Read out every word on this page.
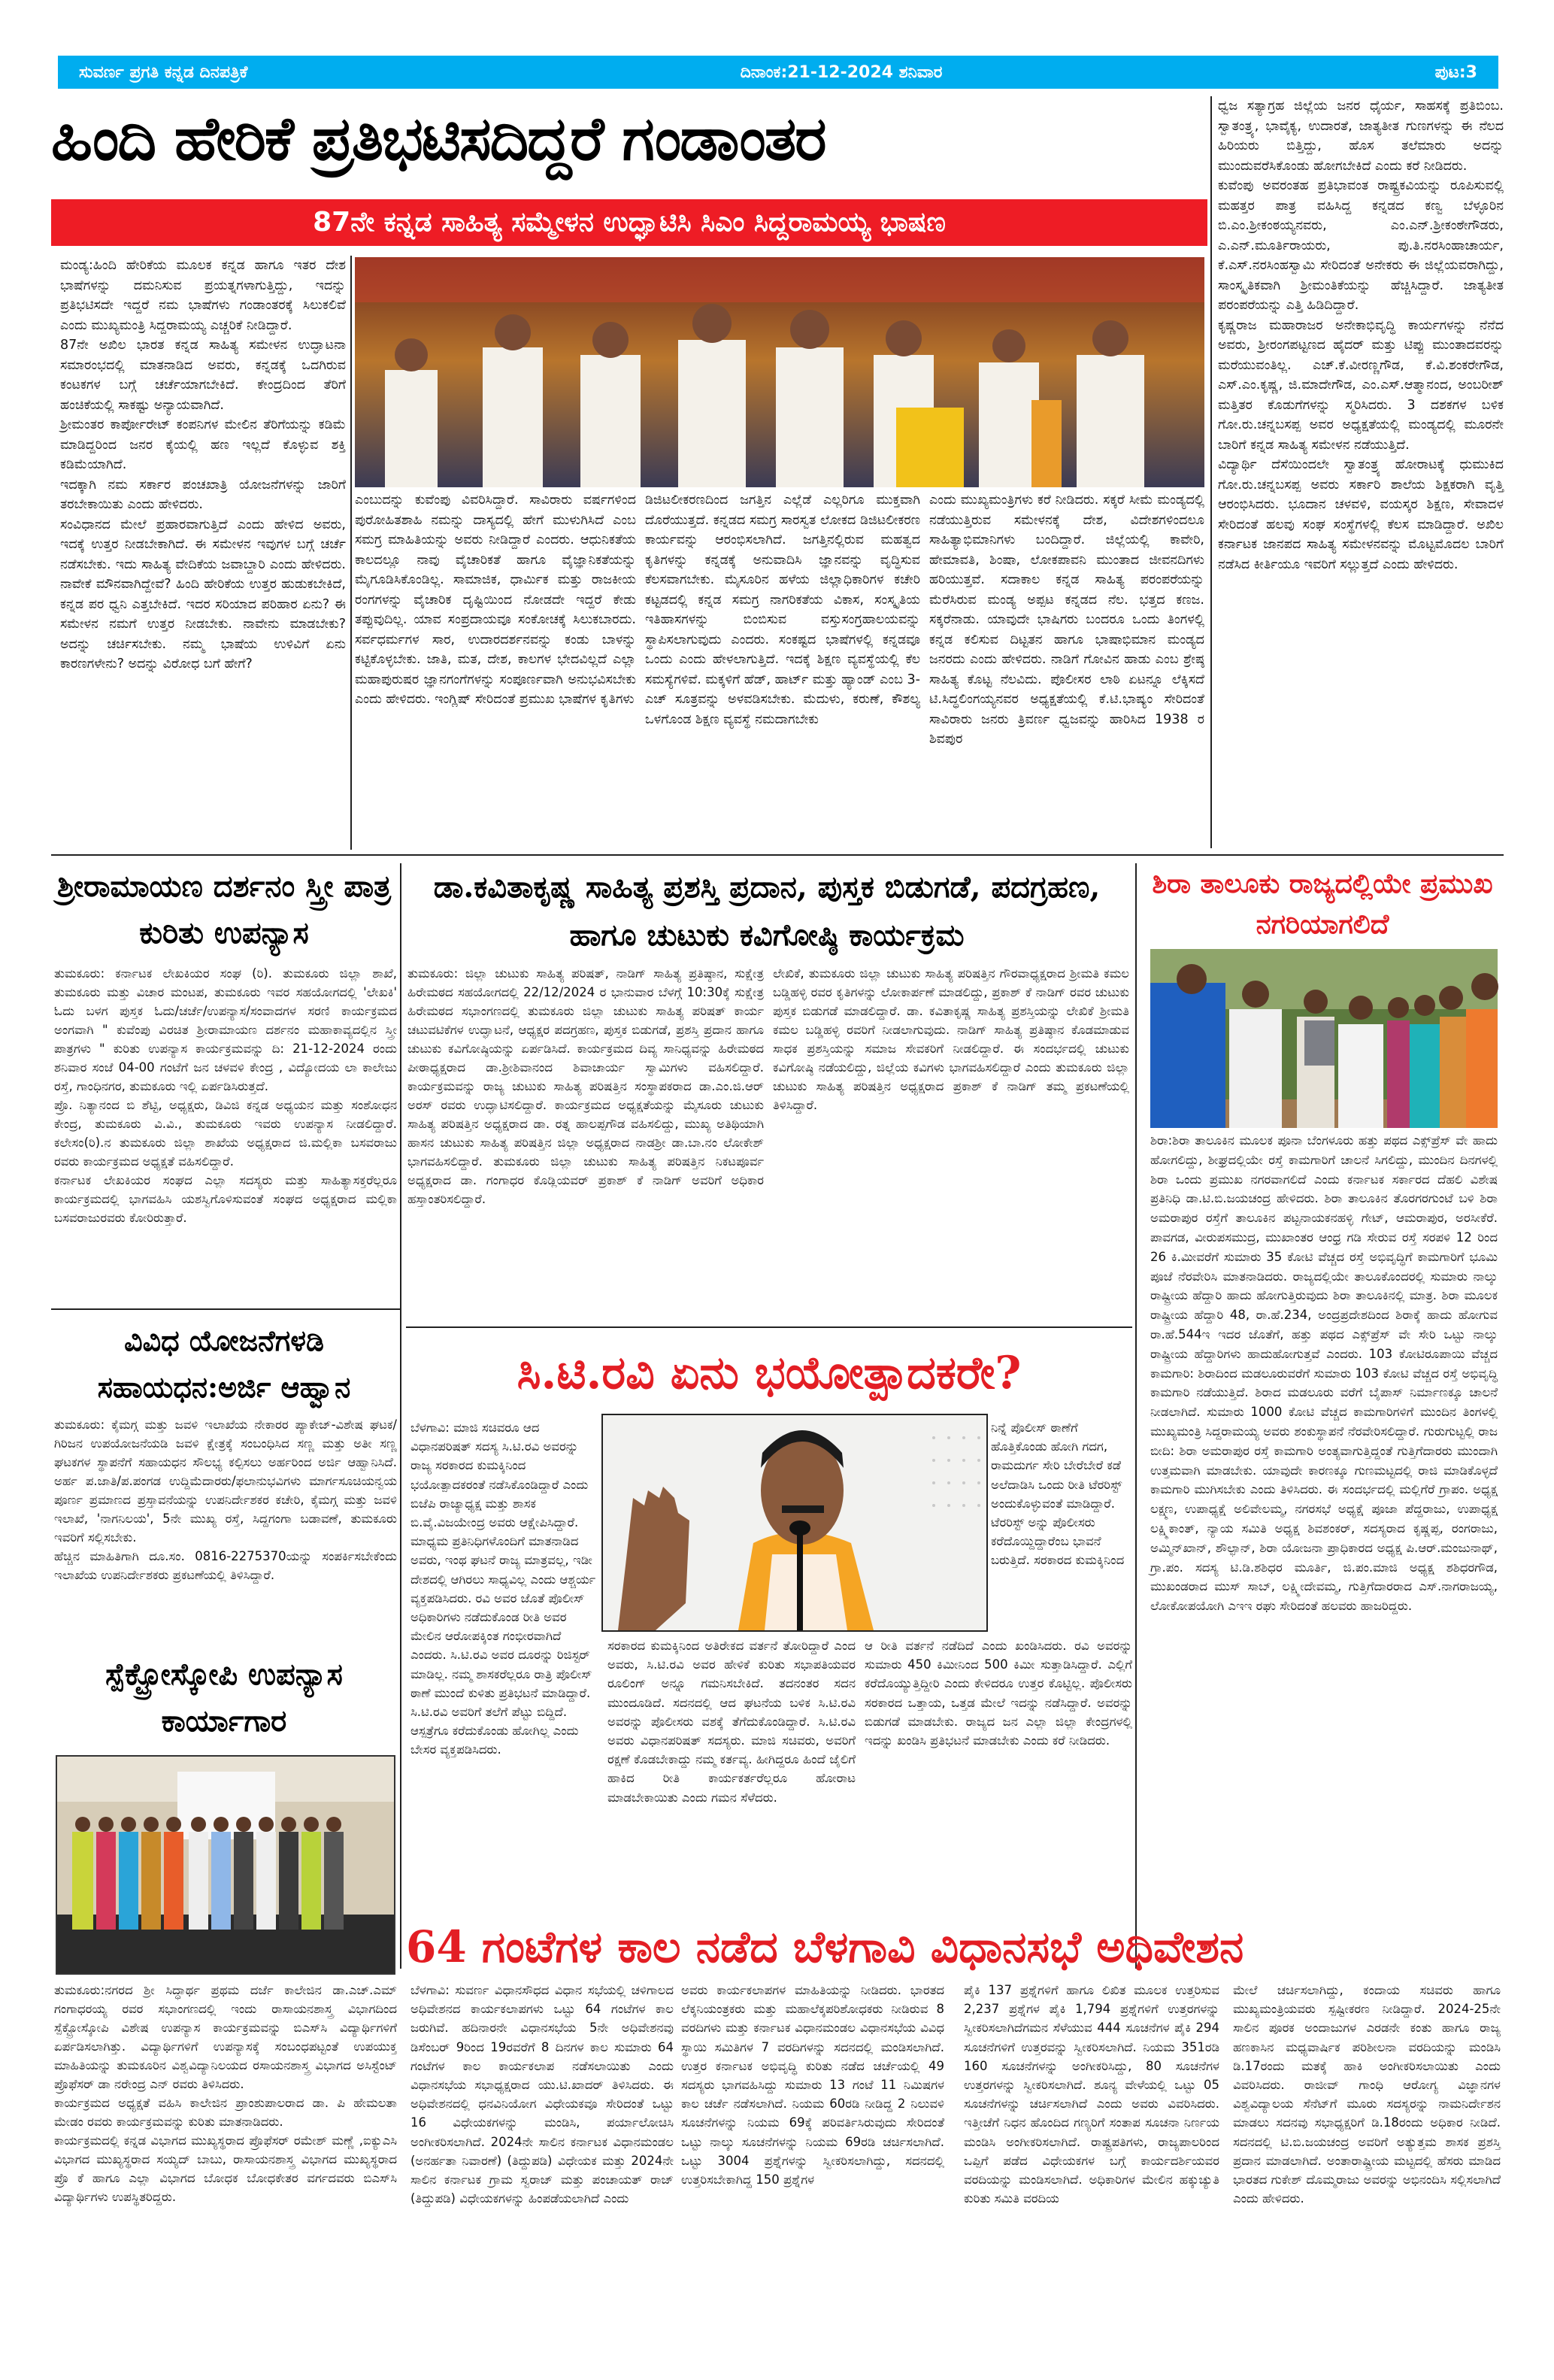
ಸುವರ್ಣ ಪ್ರಗತಿ ಕನ್ನಡ ದಿನಪತ್ರಿಕೆ	ದಿನಾಂಕ:21-12-2024 ಶನಿವಾರ	ಪುಟ:3
ಹಿಂದಿ ಹೇರಿಕೆ ಪ್ರತಿಭಟಿಸದಿದ್ದರೆ ಗಂಡಾಂತರ
87ನೇ ಕನ್ನಡ ಸಾಹಿತ್ಯ ಸಮ್ಮೇಳನ ಉದ್ಘಾಟಿಸಿ ಸಿಎಂ ಸಿದ್ದರಾಮಯ್ಯ ಭಾಷಣ

ಮಂಡ್ಯ:ಹಿಂದಿ ಹೇರಿಕೆಯ ಮೂಲಕ ಕನ್ನಡ ಹಾಗೂ ಇತರ ದೇಶ ಭಾಷೆಗಳನ್ನು ದಮನಿಸುವ ಪ್ರಯತ್ನಗಳಾಗುತ್ತಿದ್ದು, ಇದನ್ನು ಪ್ರತಿಭಟಿಸದೇ ಇದ್ದರೆ ನಮ ಭಾಷೆಗಳು ಗಂಡಾಂತರಕ್ಕೆ ಸಿಲುಕಲಿವೆ ಎಂದು ಮುಖ್ಯಮಂತ್ರಿ ಸಿದ್ದರಾಮಯ್ಯ ಎಚ್ಚರಿಕೆ ನೀಡಿದ್ದಾರೆ.

87ನೇ ಅಖಿಲ ಭಾರತ ಕನ್ನಡ ಸಾಹಿತ್ಯ ಸಮೇಳನ ಉದ್ಘಾಟನಾ ಸಮಾರಂಭದಲ್ಲಿ ಮಾತನಾಡಿದ ಅವರು, ಕನ್ನಡಕ್ಕೆ ಒದಗಿರುವ ಕಂಟಕಗಳ ಬಗ್ಗೆ ಚರ್ಚೆಯಾಗಬೇಕಿದೆ. ಕೇಂದ್ರದಿಂದ ತೆರಿಗೆ ಹಂಚಿಕೆಯಲ್ಲಿ ಸಾಕಷ್ಟು ಅನ್ಯಾಯವಾಗಿದೆ.

ಶ್ರೀಮಂತರ ಕಾರ್ಪೋರೇಟ್ ಕಂಪನಿಗಳ ಮೇಲಿನ ತೆರಿಗೆಯನ್ನು ಕಡಿಮೆ ಮಾಡಿದ್ದರಿಂದ ಜನರ ಕೈಯಲ್ಲಿ ಹಣ ಇಲ್ಲದೆ ಕೊಳ್ಳುವ ಶಕ್ತಿ ಕಡಿಮೆಯಾಗಿದೆ.

ಇದಕ್ಕಾಗಿ ನಮ ಸರ್ಕಾರ ಪಂಚಖಾತ್ರಿ ಯೋಜನೆಗಳನ್ನು ಜಾರಿಗೆ ತರಬೇಕಾಯಿತು ಎಂದು ಹೇಳಿದರು.

ಸಂವಿಧಾನದ ಮೇಲೆ ಪ್ರಹಾರವಾಗುತ್ತಿದೆ ಎಂದು ಹೇಳಿದ ಅವರು, ಇದಕ್ಕೆ ಉತ್ತರ ನೀಡಬೇಕಾಗಿದೆ. ಈ ಸಮೇಳನ ಇವುಗಳ ಬಗ್ಗೆ ಚರ್ಚೆ ನಡೆಸಬೇಕು. ಇದು ಸಾಹಿತ್ಯ ವೇದಿಕೆಯ ಜವಾಬ್ದಾರಿ ಎಂದು ಹೇಳಿದರು. ನಾವೇಕೆ ಮೌನವಾಗಿದ್ದೇವೆ? ಹಿಂದಿ ಹೇರಿಕೆಯ ಉತ್ತರ ಹುಡುಕಬೇಕಿದೆ, ಕನ್ನಡ ಪರ ಧ್ವನಿ ಎತ್ತಬೇಕಿದೆ. ಇದರ ಸರಿಯಾದ ಪರಿಹಾರ ಏನು? ಈ ಸಮೇಳನ ನಮಗೆ ಉತ್ತರ ನೀಡಬೇಕು. ನಾವೇನು ಮಾಡಬೇಕು? ಅದನ್ನು ಚರ್ಚಿಸಬೇಕು. ನಮ್ಮ ಭಾಷೆಯ ಉಳಿವಿಗೆ ಏನು ಕಾರಣಗಳೇನು? ಅದನ್ನು ವಿರೋಧ ಬಗೆ ಹೇಗೆ?

ಎಂಬುದನ್ನು ಕುವೆಂಪು ವಿವರಿಸಿದ್ದಾರೆ. ಸಾವಿರಾರು ವರ್ಷಗಳಿಂದ ಪುರೋಹಿತಶಾಹಿ ನಮನ್ನು ದಾಸ್ಯದಲ್ಲಿ ಹೇಗೆ ಮುಳುಗಿಸಿದೆ ಎಂಬ ಸಮಗ್ರ ಮಾಹಿತಿಯನ್ನು ಅವರು ನೀಡಿದ್ದಾರೆ ಎಂದರು. ಆಧುನಿಕತೆಯ ಕಾಲದಲ್ಲೂ ನಾವು ವೈಚಾರಿಕತೆ ಹಾಗೂ ವೈಜ್ಞಾನಿಕತೆಯನ್ನು ಮೈಗೂಡಿಸಿಕೊಂಡಿಲ್ಲ. ಸಾಮಾಜಿಕ, ಧಾರ್ಮಿಕ ಮತ್ತು ರಾಜಕೀಯ ರಂಗಗಳನ್ನು ವೈಚಾರಿಕ ದೃಷ್ಟಿಯಿಂದ ನೋಡದೇ ಇದ್ದರೆ ಕೇಡು ತಪ್ಪುವುದಿಲ್ಲ. ಯಾವ ಸಂಪ್ರದಾಯವೂ ಸಂಕೋಚಕ್ಕೆ ಸಿಲುಕಬಾರದು. ಸರ್ವಧರ್ಮಗಳ ಸಾರ, ಉದಾರದರ್ಶನವನ್ನು ಕಂಡು ಬಾಳನ್ನು ಕಟ್ಟಿಕೊಳ್ಳಬೇಕು. ಜಾತಿ, ಮತ, ದೇಶ, ಕಾಲಗಳ ಭೇದವಿಲ್ಲದೆ ಎಲ್ಲಾ ಮಹಾಪುರುಷರ ಜ್ಞಾನಗಂಗೆಗಳನ್ನು ಸಂಪೂರ್ಣವಾಗಿ ಅನುಭವಿಸಬೇಕು ಎಂದು ಹೇಳಿದರು. ಇಂಗ್ಲಿಷ್ ಸೇರಿದಂತೆ ಪ್ರಮುಖ ಭಾಷೆಗಳ ಕೃತಿಗಳು
ಡಿಜಿಟಲೀಕರಣದಿಂದ ಜಗತ್ತಿನ ಎಲ್ಲೆಡೆ ಎಲ್ಲರಿಗೂ ಮುಕ್ತವಾಗಿ ದೊರೆಯುತ್ತದೆ. ಕನ್ನಡದ ಸಮಗ್ರ ಸಾರಸ್ವತ ಲೋಕದ ಡಿಜಿಟಲೀಕರಣ ಕಾರ್ಯವನ್ನು ಆರಂಭಿಸಲಾಗಿದೆ. ಜಗತ್ತಿನಲ್ಲಿರುವ ಮಹತ್ವದ ಕೃತಿಗಳನ್ನು ಕನ್ನಡಕ್ಕೆ ಅನುವಾದಿಸಿ ಜ್ಞಾನವನ್ನು ವೃದ್ಧಿಸುವ ಕೆಲಸವಾಗಬೇಕು. ಮೈಸೂರಿನ ಹಳೆಯ ಜಿಲ್ಲಾಧಿಕಾರಿಗಳ ಕಚೇರಿ ಕಟ್ಟಡದಲ್ಲಿ ಕನ್ನಡ ಸಮಗ್ರ ನಾಗರಿಕತೆಯ ವಿಕಾಸ, ಸಂಸ್ಕೃತಿಯ ಇತಿಹಾಸಗಳನ್ನು ಬಿಂಬಿಸುವ ವಸ್ತುಸಂಗ್ರಹಾಲಯವನ್ನು ಸ್ಥಾಪಿಸಲಾಗುವುದು ಎಂದರು. ಸಂಕಷ್ಟದ ಭಾಷೆಗಳಲ್ಲಿ ಕನ್ನಡವೂ ಒಂದು ಎಂದು ಹೇಳಲಾಗುತ್ತಿದೆ. ಇದಕ್ಕೆ ಶಿಕ್ಷಣ ವ್ಯವಸ್ಥೆಯಲ್ಲಿ ಕೆಲ ಸಮಸ್ಯೆಗಳಿವೆ. ಮಕ್ಕಳಿಗೆ ಹೆಡ್, ಹಾರ್ಟ್ ಮತ್ತು ಹ್ಯಾಂಡ್ ಎಂಬ 3-ಎಚ್ ಸೂತ್ರವನ್ನು ಅಳವಡಿಸಬೇಕು. ಮೆದುಳು, ಕರುಣೆ, ಕೌಶಲ್ಯ ಒಳಗೊಂಡ ಶಿಕ್ಷಣ ವ್ಯವಸ್ಥೆ ನಮದಾಗಬೇಕು
ಎಂದು ಮುಖ್ಯಮಂತ್ರಿಗಳು ಕರೆ ನೀಡಿದರು. ಸಕ್ಕರೆ ಸೀಮೆ ಮಂಡ್ಯದಲ್ಲಿ ನಡೆಯುತ್ತಿರುವ ಸಮೇಳನಕ್ಕೆ ದೇಶ, ವಿದೇಶಗಳಿಂದಲೂ ಸಾಹಿತ್ಯಾಭಿಮಾನಿಗಳು ಬಂದಿದ್ದಾರೆ. ಜಿಲ್ಲೆಯಲ್ಲಿ ಕಾವೇರಿ, ಹೇಮಾವತಿ, ಶಿಂಷಾ, ಲೋಕಪಾವನಿ ಮುಂತಾದ ಜೀವನದಿಗಳು ಹರಿಯುತ್ತವೆ. ಸದಾಕಾಲ ಕನ್ನಡ ಸಾಹಿತ್ಯ ಪರಂಪರೆಯನ್ನು ಮೆರೆಸಿರುವ ಮಂಡ್ಯ ಅಪ್ಪಟ ಕನ್ನಡದ ನೆಲ. ಭತ್ತದ ಕಣಜ. ಸಕ್ಕರೆನಾಡು. ಯಾವುದೇ ಭಾಷಿಗರು ಬಂದರೂ ಒಂದು ತಿಂಗಳಲ್ಲಿ ಕನ್ನಡ ಕಲಿಸುವ ದಿಟ್ಟತನ ಹಾಗೂ ಭಾಷಾಭಿಮಾನ ಮಂಡ್ಯದ ಜನರದು ಎಂದು ಹೇಳಿದರು. ನಾಡಿಗೆ ಗೋವಿನ ಹಾಡು ಎಂಬ ಶ್ರೇಷ್ಠ ಸಾಹಿತ್ಯ ಕೊಟ್ಟ ನೆಲವಿದು. ಪೊಲೀಸರ ಲಾಠಿ ಏಟನ್ನೂ ಲೆಕ್ಕಿಸದೆ ಟಿ.ಸಿದ್ಧಲಿಂಗಯ್ಯನವರ ಅಧ್ಯಕ್ಷತೆಯಲ್ಲಿ ಕೆ.ಟಿ.ಭಾಷ್ಯಂ ಸೇರಿದಂತೆ ಸಾವಿರಾರು ಜನರು ತ್ರಿವರ್ಣ ಧ್ವಜವನ್ನು ಹಾರಿಸಿದ 1938 ರ ಶಿವಪುರ

ಧ್ವಜ ಸತ್ಯಾಗ್ರಹ ಜಿಲ್ಲೆಯ ಜನರ ಧೈರ್ಯ, ಸಾಹಸಕ್ಕೆ ಪ್ರತಿಬಿಂಬ. ಸ್ವಾತಂತ್ರ್ಯ, ಭಾವೈಕ್ಯ, ಉದಾರತೆ, ಜಾತ್ಯತೀತ ಗುಣಗಳನ್ನು ಈ ನೆಲದ ಹಿರಿಯರು ಬಿತ್ತಿದ್ದು, ಹೊಸ ತಲೆಮಾರು ಅದನ್ನು ಮುಂದುವರೆಸಿಕೊಂಡು ಹೋಗಬೇಕಿದೆ ಎಂದು ಕರೆ ನೀಡಿದರು.

ಕುವೆಂಪು ಅವರಂತಹ ಪ್ರತಿಭಾವಂತ ರಾಷ್ಟ್ರಕವಿಯನ್ನು ರೂಪಿಸುವಲ್ಲಿ ಮಹತ್ತರ ಪಾತ್ರ ವಹಿಸಿದ್ದ ಕನ್ನಡದ ಕಣ್ವ ಬೆಳ್ಳೂರಿನ ಬಿ.ಎಂ.ಶ್ರೀಕಂಠಯ್ಯನವರು, ಎಂ.ಎನ್.ಶ್ರೀಕಂಠೇಗೌಡರು, ಎ.ಎನ್.ಮೂರ್ತಿರಾಯರು, ಪು.ತಿ.ನರಸಿಂಹಾಚಾರ್ಯ, ಕೆ.ಎಸ್.ನರಸಿಂಹಸ್ವಾಮಿ ಸೇರಿದಂತೆ ಅನೇಕರು ಈ ಜಿಲ್ಲೆಯವರಾಗಿದ್ದು, ಸಾಂಸ್ಕೃತಿಕವಾಗಿ ಶ್ರೀಮಂತಿಕೆಯನ್ನು ಹೆಚ್ಚಿಸಿದ್ದಾರೆ. ಜಾತ್ಯತೀತ ಪರಂಪರೆಯನ್ನು ಎತ್ತಿ ಹಿಡಿದಿದ್ದಾರೆ.

ಕೃಷ್ಣರಾಜ ಮಹಾರಾಜರ ಅನೇಕಾಭಿವೃದ್ಧಿ ಕಾರ್ಯಗಳನ್ನು ನೆನೆದ ಅವರು, ಶ್ರೀರಂಗಪಟ್ಟಣದ ಹೈದರ್ ಮತ್ತು ಟಿಪ್ಪು ಮುಂತಾದವರನ್ನು ಮರೆಯುವಂತಿಲ್ಲ. ಎಚ್.ಕೆ.ವೀರಣ್ಣಗೌಡ, ಕೆ.ವಿ.ಶಂಕರೇಗೌಡ, ಎಸ್.ಎಂ.ಕೃಷ್ಣ, ಜಿ.ಮಾದೇಗೌಡ, ಎಂ.ಎಸ್.ಆತ್ಮಾನಂದ, ಅಂಬರೀಶ್ ಮತ್ತಿತರ ಕೊಡುಗೆಗಳನ್ನು ಸ್ಮರಿಸಿದರು. 3 ದಶಕಗಳ ಬಳಿಕ ಗೋ.ರು.ಚನ್ನಬಸಪ್ಪ ಅವರ ಅಧ್ಯಕ್ಷತೆಯಲ್ಲಿ ಮಂಡ್ಯದಲ್ಲಿ ಮೂರನೇ ಬಾರಿಗೆ ಕನ್ನಡ ಸಾಹಿತ್ಯ ಸಮೇಳನ ನಡೆಯುತ್ತಿದೆ.

ವಿದ್ಯಾರ್ಥಿ ದೆಸೆಯಿಂದಲೇ ಸ್ವಾತಂತ್ರ್ಯ ಹೋರಾಟಕ್ಕೆ ಧುಮುಕಿದ ಗೋ.ರು.ಚನ್ನಬಸಪ್ಪ ಅವರು ಸರ್ಕಾರಿ ಶಾಲೆಯ ಶಿಕ್ಷಕರಾಗಿ ವೃತ್ತಿ ಆರಂಭಿಸಿದರು. ಭೂದಾನ ಚಳವಳಿ, ವಯಸ್ಕರ ಶಿಕ್ಷಣ, ಸೇವಾದಳ ಸೇರಿದಂತೆ ಹಲವು ಸಂಘ ಸಂಸ್ಥೆಗಳಲ್ಲಿ ಕೆಲಸ ಮಾಡಿದ್ದಾರೆ. ಅಖಿಲ ಕರ್ನಾಟಕ ಜಾನಪದ ಸಾಹಿತ್ಯ ಸಮೇಳನವನ್ನು ಮೊಟ್ಟಮೊದಲ ಬಾರಿಗೆ ನಡೆಸಿದ ಕೀರ್ತಿಯೂ ಇವರಿಗೆ ಸಲ್ಲುತ್ತದೆ ಎಂದು ಹೇಳಿದರು.

ಶ್ರೀರಾಮಾಯಣ ದರ್ಶನಂ ಸ್ತ್ರೀ ಪಾತ್ರ ಕುರಿತು ಉಪನ್ಯಾಸ

ತುಮಕೂರು: ಕರ್ನಾಟಕ ಲೇಖಕಿಯರ ಸಂಘ (ರಿ). ತುಮಕೂರು ಜಿಲ್ಲಾ ಶಾಖೆ, ತುಮಕೂರು ಮತ್ತು ವಿಚಾರ ಮಂಟಪ, ತುಮಕೂರು ಇವರ ಸಹಯೋಗದಲ್ಲಿ 'ಲೇಖಕಿ' ಓದು ಬಳಗ ಪುಸ್ತಕ ಓದು/ಚರ್ಚೆ/ಉಪನ್ಯಾಸ/ಸಂವಾದಗಳ ಸರಣಿ ಕಾರ್ಯಕ್ರಮದ ಅಂಗವಾಗಿ " ಕುವೆಂಪು ವಿರಚಿತ ಶ್ರೀರಾಮಾಯಣ ದರ್ಶನಂ ಮಹಾಕಾವ್ಯದಲ್ಲಿನ ಸ್ತ್ರೀ ಪಾತ್ರಗಳು " ಕುರಿತು ಉಪನ್ಯಾಸ ಕಾರ್ಯಕ್ರಮವನ್ನು ದಿ: 21-12-2024 ರಂದು ಶನಿವಾರ ಸಂಜೆ 04-00 ಗಂಟೆಗೆ ಜನ ಚಳವಳಿ ಕೇಂದ್ರ , ವಿದ್ಯೋದಯ ಲಾ ಕಾಲೇಜು ರಸ್ತೆ, ಗಾಂಧಿನಗರ, ತುಮಕೂರು ಇಲ್ಲಿ ಏರ್ಪಡಿಸಿರುತ್ತದೆ.

ಪ್ರೊ. ನಿತ್ಯಾನಂದ ಬಿ ಶೆಟ್ಟಿ, ಅಧ್ಯಕ್ಷರು, ಡಿವಿಜಿ ಕನ್ನಡ ಅಧ್ಯಯನ ಮತ್ತು ಸಂಶೋಧನ ಕೇಂದ್ರ, ತುಮಕೂರು ವಿ.ವಿ., ತುಮಕೂರು ಇವರು ಉಪನ್ಯಾಸ ನೀಡಲಿದ್ದಾರೆ. ಕಲೇಸಂ(ರಿ).ನ ತುಮಕೂರು ಜಿಲ್ಲಾ ಶಾಖೆಯ ಅಧ್ಯಕ್ಷರಾದ ಜಿ.ಮಲ್ಲಿಕಾ ಬಸವರಾಜು ರವರು ಕಾರ್ಯಕ್ರಮದ ಅಧ್ಯಕ್ಷತೆ ವಹಿಸಲಿದ್ದಾರೆ.

ಕರ್ನಾಟಕ ಲೇಖಕಿಯರ ಸಂಘದ ಎಲ್ಲಾ ಸದಸ್ಯರು ಮತ್ತು ಸಾಹಿತ್ಯಾಸಕ್ತರೆಲ್ಲರೂ ಕಾರ್ಯಕ್ರಮದಲ್ಲಿ ಭಾಗವಹಿಸಿ ಯಶಸ್ವಿಗೊಳಿಸುವಂತೆ ಸಂಘದ ಅಧ್ಯಕ್ಷರಾದ ಮಲ್ಲಿಕಾ ಬಸವರಾಜುರವರು ಕೋರಿರುತ್ತಾರೆ.

ಡಾ.ಕವಿತಾಕೃಷ್ಣ ಸಾಹಿತ್ಯ ಪ್ರಶಸ್ತಿ ಪ್ರದಾನ, ಪುಸ್ತಕ ಬಿಡುಗಡೆ, ಪದಗ್ರಹಣ, ಹಾಗೂ ಚುಟುಕು ಕವಿಗೋಷ್ಠಿ ಕಾರ್ಯಕ್ರಮ
ತುಮಕೂರು: ಜಿಲ್ಲಾ ಚುಟುಕು ಸಾಹಿತ್ಯ ಪರಿಷತ್, ನಾಡಿಗ್ ಸಾಹಿತ್ಯ ಪ್ರತಿಷ್ಠಾನ, ಸುಕ್ಷೇತ್ರ ಹಿರೇಮಠದ ಸಹಯೋಗದಲ್ಲಿ 22/12/2024 ರ ಭಾನುವಾರ ಬೆಳಗ್ಗೆ 10:30ಕ್ಕೆ ಸುಕ್ಷೇತ್ರ ಹಿರೇಮಠದ ಸಭಾಂಗಣದಲ್ಲಿ ತುಮಕೂರು ಜಿಲ್ಲಾ ಚುಟುಕು ಸಾಹಿತ್ಯ ಪರಿಷತ್ ಕಾರ್ಯ ಚಟುವಟಿಕೆಗಳ ಉದ್ಘಾಟನೆ, ಆಧ್ಯಕ್ಷರ ಪದಗ್ರಹಣ, ಪುಸ್ತಕ ಬಿಡುಗಡೆ, ಪ್ರಶಸ್ತಿ ಪ್ರದಾನ ಹಾಗೂ ಚುಟುಕು ಕವಿಗೋಷ್ಠಿಯನ್ನು ಏರ್ಪಡಿಸಿದೆ. ಕಾರ್ಯಕ್ರಮದ ದಿವ್ಯ ಸಾನಿಧ್ಯವನ್ನು ಹಿರೇಮಠದ ಪೀಠಾಧ್ಯಕ್ಷರಾದ ಡಾ.ಶ್ರೀಶಿವಾನಂದ ಶಿವಾಚಾರ್ಯ ಸ್ವಾಮಿಗಳು ವಹಿಸಲಿದ್ದಾರೆ. ಕಾರ್ಯಕ್ರಮವನ್ನು ರಾಜ್ಯ ಚುಟುಕು ಸಾಹಿತ್ಯ ಪರಿಷತ್ತಿನ ಸಂಸ್ಥಾಪಕರಾದ ಡಾ.ಎಂ.ಜಿ.ಆರ್ ಅರಸ್ ರವರು ಉದ್ಘಾಟಿಸಲಿದ್ದಾರೆ. ಕಾರ್ಯಕ್ರಮದ ಅಧ್ಯಕ್ಷತೆಯನ್ನು ಮೈಸೂರು ಚುಟುಕು ಸಾಹಿತ್ಯ ಪರಿಷತ್ತಿನ ಅಧ್ಯಕ್ಷರಾದ ಡಾ. ರತ್ನ ಹಾಲಪ್ಪಗೌಡ ವಹಿಸಲಿದ್ದು, ಮುಖ್ಯ ಅತಿಥಿಯಾಗಿ ಹಾಸನ ಚುಟುಕು ಸಾಹಿತ್ಯ ಪರಿಷತ್ತಿನ ಜಿಲ್ಲಾ ಅಧ್ಯಕ್ಷರಾದ ನಾಡಶ್ರೀ ಡಾ.ಬಾ.ನಂ ಲೋಕೇಶ್ ಭಾಗವಹಿಸಲಿದ್ದಾರೆ. ತುಮಕೂರು ಜಿಲ್ಲಾ ಚುಟುಕು ಸಾಹಿತ್ಯ ಪರಿಷತ್ತಿನ ನಿಕಟಪೂರ್ವ ಅಧ್ಯಕ್ಷರಾದ ಡಾ. ಗಂಗಾಧರ ಕೊಡ್ಲಿಯವರ್ ಪ್ರಕಾಶ್ ಕೆ ನಾಡಿಗ್ ಅವರಿಗೆ ಅಧಿಕಾರ ಹಸ್ತಾಂತರಿಸಲಿದ್ದಾರೆ.
ಲೇಖಿಕೆ, ತುಮಕೂರು ಜಿಲ್ಲಾ ಚುಟುಕು ಸಾಹಿತ್ಯ ಪರಿಷತ್ತಿನ ಗೌರವಾಧ್ಯಕ್ಷರಾದ ಶ್ರೀಮತಿ ಕಮಲ ಬಡ್ಡಿಹಳ್ಳಿ ರವರ ಕೃತಿಗಳನ್ನು ಲೋಕಾರ್ಪಣೆ ಮಾಡಲಿದ್ದು, ಪ್ರಕಾಶ್ ಕೆ ನಾಡಿಗ್ ರವರ ಚುಟುಕು ಪುಸ್ತಕ ಬಿಡುಗಡೆ ಮಾಡಲಿದ್ದಾರೆ. ಡಾ. ಕವಿತಾಕೃಷ್ಣ ಸಾಹಿತ್ಯ ಪ್ರಶಸ್ತಿಯನ್ನು ಲೇಖಿಕೆ ಶ್ರೀಮತಿ ಕಮಲ ಬಡ್ಡಿಹಳ್ಳಿ ರವರಿಗೆ ನೀಡಲಾಗುವುದು. ನಾಡಿಗ್ ಸಾಹಿತ್ಯ ಪ್ರತಿಷ್ಠಾನ ಕೊಡಮಾಡುವ ಸಾಧಕ ಪ್ರಶಸ್ತಿಯನ್ನು ಸಮಾಜ ಸೇವಕರಿಗೆ ನೀಡಲಿದ್ದಾರೆ. ಈ ಸಂದರ್ಭದಲ್ಲಿ ಚುಟುಕು ಕವಿಗೋಷ್ಠಿ ನಡೆಯಲಿದ್ದು, ಜಿಲ್ಲೆಯ ಕವಿಗಳು ಭಾಗವಹಿಸಲಿದ್ದಾರೆ ಎಂದು ತುಮಕೂರು ಜಿಲ್ಲಾ ಚುಟುಕು ಸಾಹಿತ್ಯ ಪರಿಷತ್ತಿನ ಅಧ್ಯಕ್ಷರಾದ ಪ್ರಕಾಶ್ ಕೆ ನಾಡಿಗ್ ತಮ್ಮ ಪ್ರಕಟಣೆಯಲ್ಲಿ ತಿಳಿಸಿದ್ದಾರೆ.
ಶಿರಾ ತಾಲೂಕು ರಾಜ್ಯದಲ್ಲಿಯೇ ಪ್ರಮುಖ ನಗರಿಯಾಗಲಿದೆ
ಶಿರಾ:ಶಿರಾ ತಾಲೂಕಿನ ಮೂಲಕ ಪೂನಾ ಬೆಂಗಳೂರು ಹತ್ತು ಪಥದ ಎಕ್ಸ್‌ಪ್ರೆಸ್ ವೇ ಹಾದು ಹೋಗಲಿದ್ದು, ಶೀಘ್ರದಲ್ಲಿಯೇ ರಸ್ತೆ ಕಾಮಗಾರಿಗೆ ಚಾಲನೆ ಸಿಗಲಿದ್ದು, ಮುಂದಿನ ದಿನಗಳಲ್ಲಿ ಶಿರಾ ಒಂದು ಪ್ರಮುಖ ನಗರವಾಗಲಿದೆ ಎಂದು ಕರ್ನಾಟಕ ಸರ್ಕಾರದ ದೆಹಲಿ ವಿಶೇಷ ಪ್ರತಿನಿಧಿ ಡಾ.ಟಿ.ಬಿ.ಜಯಚಂದ್ರ ಹೇಳಿದರು. ಶಿರಾ ತಾಲೂಕಿನ ತೊರಗರಗುಂಟೆ ಬಳಿ ಶಿರಾ ಅಮರಾಪುರ ರಸ್ತೆಗೆ ತಾಲೂಕಿನ ಪಟ್ಟನಾಯಕನಹಳ್ಳಿ ಗೇಟ್, ಆಮರಾಪುರ, ಅರಸೀಕೆರೆ. ಪಾವಗಡ, ವೀರುಪಸಮುದ್ರ, ಮುಖಾಂತರ ಆಂಧ್ರ ಗಡಿ ಸೇರುವ ರಸ್ತೆ ಸರಪಳಿ 12 ರಿಂದ 26 ಕಿ.ಮೀವರೆಗೆ ಸುಮಾರು 35 ಕೋಟಿ ವೆಚ್ಚದ ರಸ್ತೆ ಅಭಿವೃದ್ಧಿಗೆ ಕಾಮಗಾರಿಗೆ ಭೂಮಿ ಪೂಜೆ ನೆರವೇರಿಸಿ ಮಾತನಾಡಿದರು. ರಾಜ್ಯದಲ್ಲಿಯೇ ತಾಲೂಕೊಂದರಲ್ಲಿ ಸುಮಾರು ನಾಲ್ಕು ರಾಷ್ಟ್ರೀಯ ಹೆದ್ದಾರಿ ಹಾದು ಹೋಗುತ್ತಿರುವುದು ಶಿರಾ ತಾಲೂಕಿನಲ್ಲಿ ಮಾತ್ರ. ಶಿರಾ ಮೂಲಕ ರಾಷ್ಟ್ರೀಯ ಹೆದ್ದಾರಿ 48, ರಾ.ಹೆ.234, ಅಂದ್ರಪ್ರದೇಶದಿಂದ ಶಿರಾಕ್ಕೆ ಹಾದು ಹೋಗುವ ರಾ.ಹೆ.544ಇ ಇದರ ಜೊತೆಗೆ, ಹತ್ತು ಪಥದ ಎಕ್ಸ್‌ಪ್ರೆಸ್ ವೇ ಸೇರಿ ಒಟ್ಟು ನಾಲ್ಕು ರಾಷ್ಟ್ರೀಯ ಹೆದ್ದಾರಿಗಳು ಹಾದುಹೋಗುತ್ತವೆ ಎಂದರು. 103 ಕೋಟಿರೂಪಾಯಿ ವೆಚ್ಚದ ಕಾಮಗಾರಿ: ಶಿರಾದಿಂದ ಮಡಲೂರುವರೆಗೆ ಸುಮಾರು 103 ಕೋಟಿ ವೆಚ್ಚದ ರಸ್ತೆ ಅಭಿವೃದ್ಧಿ ಕಾಮಗಾರಿ ನಡೆಯುತ್ತಿದೆ. ಶಿರಾದ ಮಡಲೂರು ವರೆಗೆ ಬೈಪಾಸ್ ನಿರ್ಮಾಣಕ್ಕೂ ಚಾಲನೆ ನೀಡಲಾಗಿದೆ. ಸುಮಾರು 1000 ಕೋಟಿ ವೆಚ್ಚದ ಕಾಮಗಾರಿಗಳಿಗೆ ಮುಂದಿನ ತಿಂಗಳಲ್ಲಿ ಮುಖ್ಯಮಂತ್ರಿ ಸಿದ್ದರಾಮಯ್ಯ ಅವರು ಶಂಕುಸ್ಥಾಪನೆ ನೆರವೇರಿಸಲಿದ್ದಾರೆ. ಗುರುಗುಟ್ಟಲ್ಲಿ ರಾಜ ಬೀದಿ: ಶಿರಾ ಅಮರಾಪುರ ರಸ್ತೆ ಕಾಮಗಾರಿ ಅಂತ್ಯವಾಗುತ್ತಿದ್ದಂತೆ ಗುತ್ತಿಗೆದಾರರು ಮುಂದಾಗಿ ಉತ್ತಮವಾಗಿ ಮಾಡಬೇಕು. ಯಾವುದೇ ಕಾರಣಕ್ಕೂ ಗುಣಮಟ್ಟದಲ್ಲಿ ರಾಜಿ ಮಾಡಿಕೊಳ್ಳದೆ ಕಾಮಗಾರಿ ಮುಗಿಸಬೇಕು ಎಂದು ತಿಳಿಸಿದರು. ಈ ಸಂದರ್ಭದಲ್ಲಿ ಮಲ್ಲಿಗೆರೆ ಗ್ರಾಪಂ. ಅಧ್ಯಕ್ಷ ಲಕ್ಷ್ಮಣ, ಉಪಾಧ್ಯಕ್ಷೆ ಅಲಿವೇಲಮ್ಮ, ನಗರಸಭೆ ಅಧ್ಯಕ್ಷೆ ಪೂಜಾ ಪೆದ್ದರಾಜು, ಉಪಾಧ್ಯಕ್ಷ ಲಕ್ಷ್ಮಿಕಾಂತ್, ನ್ಯಾಯ ಸಮಿತಿ ಅಧ್ಯಕ್ಷ ಶಿವಶಂಕರ್, ಸದಸ್ಯರಾದ ಕೃಷ್ಣಪ್ಪ, ರಂಗರಾಜು, ಅಮ್ಮಿನ್‌ಖಾನ್, ಶೌಲ್ಫಾನ್, ಶಿರಾ ಯೋಜನಾ ಪ್ರಾಧಿಕಾರದ ಅಧ್ಯಕ್ಷ ಪಿ.ಆರ್.ಮಂಜುನಾಥ್, ಗ್ರಾ.ಪಂ. ಸದಸ್ಯ ಟಿ.ಡಿ.ಶಶಿಧರ ಮೂರ್ತಿ, ಜಿ.ಪಂ.ಮಾಜಿ ಅಧ್ಯಕ್ಷ ಶಶಿಧರಗೌಡ, ಮುಖಂಡರಾದ ಮುಸ್ ಸಾಬ್, ಲಕ್ಷ್ಮೀದೇವಮ್ಮ, ಗುತ್ತಿಗೆದಾರರಾದ ಎಸ್.ನಾಗರಾಜಯ್ಯ, ಲೋಕೋಪಯೋಗಿ ಎಇಇ ರಘು ಸೇರಿದಂತೆ ಹಲವರು ಹಾಜರಿದ್ದರು.
ವಿವಿಧ ಯೋಜನೆಗಳಡಿ ಸಹಾಯಧನ:ಅರ್ಜಿ ಆಹ್ವಾನ

ತುಮಕೂರು: ಕೈಮಗ್ಗ ಮತ್ತು ಜವಳಿ ಇಲಾಖೆಯ ನೇಕಾರರ ಪ್ಯಾಕೇಜ್-ವಿಶೇಷ ಘಟಕ/ಗಿರಿಜನ ಉಪಯೋಜನೆಯಡಿ ಜವಳಿ ಕ್ಷೇತ್ರಕ್ಕೆ ಸಂಬಂಧಿಸಿದ ಸಣ್ಣ ಮತ್ತು ಅತೀ ಸಣ್ಣ ಘಟಕಗಳ ಸ್ಥಾಪನೆಗೆ ಸಹಾಯಧನ ಸೌಲಭ್ಯ ಕಲ್ಪಿಸಲು ಅರ್ಹರಿಂದ ಅರ್ಜಿ ಆಹ್ವಾನಿಸಿದೆ. ಅರ್ಹ ಪ.ಜಾತಿ/ಪ.ಪಂಗಡ ಉದ್ದಿಮೆದಾರರು/ಫಲಾನುಭವಿಗಳು ಮಾರ್ಗಸೂಚಿಯನ್ವಯ ಪೂರ್ಣ ಪ್ರಮಾಣದ ಪ್ರಸ್ತಾವನೆಯನ್ನು ಉಪನಿರ್ದೇಶಕರ ಕಚೇರಿ, ಕೈಮಗ್ಗ ಮತ್ತು ಜವಳಿ ಇಲಾಖೆ, 'ನಾಗನಿಲಯ', 5ನೇ ಮುಖ್ಯ ರಸ್ತೆ, ಸಿದ್ದಗಂಗಾ ಬಡಾವಣೆ, ತುಮಕೂರು ಇವರಿಗೆ ಸಲ್ಲಿಸಬೇಕು.

ಹೆಚ್ಚಿನ ಮಾಹಿತಿಗಾಗಿ ದೂ.ಸಂ. 0816-2275370ಯನ್ನು ಸಂಪರ್ಕಿಸಬೇಕೆಂದು ಇಲಾಖೆಯ ಉಪನಿರ್ದೇಶಕರು ಪ್ರಕಟಣೆಯಲ್ಲಿ ತಿಳಿಸಿದ್ದಾರೆ.

ಸ್ಪೆಕ್ಟ್ರೋಸ್ಕೋಪಿ ಉಪನ್ಯಾಸ ಕಾರ್ಯಾಗಾರ

ತುಮಕೂರು:ನಗರದ ಶ್ರೀ ಸಿದ್ಧಾರ್ಥ ಪ್ರಥಮ ದರ್ಜೆ ಕಾಲೇಜಿನ ಡಾ.ಎಚ್.ಎಮ್ ಗಂಗಾಧರಯ್ಯ ರವರ ಸಭಾಂಗಣದಲ್ಲಿ ಇಂದು ರಾಸಾಯನಶಾಸ್ತ್ರ ವಿಭಾಗದಿಂದ ಸ್ಪೆಕ್ಟ್ರೋಸ್ಕೋಪಿ ವಿಶೇಷ ಉಪನ್ಯಾಸ ಕಾರ್ಯಕ್ರಮವನ್ನು ಬಿಎಸ್‌ಸಿ ವಿದ್ಯಾರ್ಥಿಗಳಿಗೆ ಏರ್ಪಡಿಸಲಾಗಿತ್ತು. ವಿದ್ಯಾರ್ಥಿಗಳಿಗೆ ಉಪನ್ಯಾಸಕ್ಕೆ ಸಂಬಂಧಪಟ್ಟಂತೆ ಉಪಯುಕ್ತ ಮಾಹಿತಿಯನ್ನು ತುಮಕೂರಿನ ವಿಶ್ವವಿದ್ಯಾನಿಲಯದ ರಸಾಯನಶಾಸ್ತ್ರ ವಿಭಾಗದ ಅಸಿಸ್ಟೆಂಟ್ ಪ್ರೊಫೆಸರ್ ಡಾ ನರೇಂದ್ರ ಎನ್ ರವರು ತಿಳಿಸಿದರು.

ಕಾರ್ಯಕ್ರಮದ ಅಧ್ಯಕ್ಷತೆ ವಹಿಸಿ ಕಾಲೇಜಿನ ಪ್ರಾಂಶುಪಾಲರಾದ ಡಾ. ಪಿ ಹೇಮಲತಾ ಮೇಡಂ ರವರು ಕಾರ್ಯಕ್ರಮವನ್ನು ಕುರಿತು ಮಾತನಾಡಿದರು.

ಕಾರ್ಯಕ್ರಮದಲ್ಲಿ ಕನ್ನಡ ವಿಭಾಗದ ಮುಖ್ಯಸ್ಥರಾದ ಪ್ರೊಫೆಸರ್ ರಮೇಶ್ ಮಣ್ಣೆ ,ಐಕ್ಯುಎಸಿ ವಿಭಾಗದ ಮುಖ್ಯಸ್ಥರಾದ ಸಯ್ಯದ್ ಬಾಬು, ರಾಸಾಯನಶಾಸ್ತ್ರ ವಿಭಾಗದ ಮುಖ್ಯಸ್ಥರಾದ ಪ್ರೊ ಕೆ ಹಾಗೂ ಎಲ್ಲಾ ವಿಭಾಗದ ಬೋಧಕ ಬೋಧಕೇತರ ವರ್ಗದವರು ಬಿಎಸ್‌ಸಿ ವಿದ್ಯಾರ್ಥಿಗಳು ಉಪಸ್ಥಿತರಿದ್ದರು.

ಸಿ.ಟಿ.ರವಿ ಏನು ಭಯೋತ್ಪಾದಕರೇ?
ಬೆಳಗಾವಿ: ಮಾಜಿ ಸಚಿವರೂ ಆದ ವಿಧಾನಪರಿಷತ್ ಸದಸ್ಯ ಸಿ.ಟಿ.ರವಿ ಅವರನ್ನು ರಾಜ್ಯ ಸರಕಾರದ ಕುಮಕ್ಕಿನಿಂದ ಭಯೋತ್ಪಾದಕರಂತೆ ನಡೆಸಿಕೊಂಡಿದ್ದಾರೆ ಎಂದು ಬಿಜೆಪಿ ರಾಜ್ಯಾಧ್ಯಕ್ಷ ಮತ್ತು ಶಾಸಕ ಬಿ.ವೈ.ವಿಜಯೇಂದ್ರ ಅವರು ಆಕ್ಷೇಪಿಸಿದ್ದಾರೆ. ಮಾಧ್ಯಮ ಪ್ರತಿನಿಧಿಗಳೊಂದಿಗೆ ಮಾತನಾಡಿದ ಅವರು, ಇಂಥ ಘಟನೆ ರಾಜ್ಯ ಮಾತ್ರವಲ್ಲ, ಇಡೀ ದೇಶದಲ್ಲಿ ಆಗಿರಲು ಸಾಧ್ಯವಿಲ್ಲ ಎಂದು ಆಶ್ಚರ್ಯ ವ್ಯಕ್ತಪಡಿಸಿದರು. ರವಿ ಅವರ ಜೊತೆ ಪೊಲೀಸ್ ಅಧಿಕಾರಿಗಳು ನಡೆದುಕೊಂಡ ರೀತಿ ಅವರ ಮೇಲಿನ ಆರೋಪಕ್ಕಿಂತ ಗಂಭೀರವಾಗಿದೆ ಎಂದರು. ಸಿ.ಟಿ.ರವಿ ಅವರ ದೂರನ್ನು ರಿಜಿಸ್ಟರ್ ಮಾಡಿಲ್ಲ. ನಮ್ಮ ಶಾಸಕರೆಲ್ಲರೂ ರಾತ್ರಿ ಪೊಲೀಸ್ ಠಾಣೆ ಮುಂದೆ ಕುಳಿತು ಪ್ರತಿಭಟನೆ ಮಾಡಿದ್ದಾರೆ. ಸಿ.ಟಿ.ರವಿ ಅವರಿಗೆ ತಲೆಗೆ ಪೆಟ್ಟು ಬಿದ್ದಿದೆ. ಆಸ್ಪತ್ರೆಗೂ ಕರೆದುಕೊಂಡು ಹೋಗಿಲ್ಲ ಎಂದು ಬೇಸರ ವ್ಯಕ್ತಪಡಿಸಿದರು.
ನಿನ್ನೆ ಪೊಲೀಸ್ ಠಾಣೆಗೆ ಹೊತ್ತಿಕೊಂಡು ಹೋಗಿ ಗದಗ, ರಾಮದುರ್ಗ ಸೇರಿ ಬೇರೆಬೇರೆ ಕಡೆ ಅಲೆದಾಡಿಸಿ ಒಂದು ರೀತಿ ಟೆರರಿಸ್ಟ್ ಅಂದುಕೊಳ್ಳುವಂತೆ ಮಾಡಿದ್ದಾರೆ. ಟೆರರಿಸ್ಟ್ ಅನ್ನು ಪೊಲೀಸರು ಕರೆದೊಯ್ದಿದ್ದಾರೆಂಬ ಭಾವನೆ ಬರುತ್ತಿದೆ. ಸರಕಾರದ ಕುಮಕ್ಕಿನಿಂದ
ಸರಕಾರದ ಕುಮಕ್ಕಿನಿಂದ ಅತಿರೇಕದ ವರ್ತನೆ ತೋರಿದ್ದಾರೆ ಎಂದ ಅವರು, ಸಿ.ಟಿ.ರವಿ ಅವರ ಹೇಳಿಕೆ ಕುರಿತು ಸಭಾಪತಿಯವರ ರೂಲಿಂಗ್ ಅನ್ನೂ ಗಮನಿಸಬೇಕಿದೆ. ತದನಂತರ ಸದನ ಮುಂದೂಡಿದೆ. ಸದನದಲ್ಲಿ ಆದ ಘಟನೆಯ ಬಳಿಕ ಸಿ.ಟಿ.ರವಿ ಅವರನ್ನು ಪೊಲೀಸರು ವಶಕ್ಕೆ ತೆಗೆದುಕೊಂಡಿದ್ದಾರೆ. ಸಿ.ಟಿ.ರವಿ ಅವರು ವಿಧಾನಪರಿಷತ್ ಸದಸ್ಯರು. ಮಾಜಿ ಸಚಿವರು, ಅವರಿಗೆ ರಕ್ಷಣೆ ಕೊಡಬೇಕಾದ್ದು ನಮ್ಮ ಕರ್ತವ್ಯ. ಹೀಗಿದ್ದರೂ ಹಿಂದೆ ಜೈಲಿಗೆ ಹಾಕಿದ ರೀತಿ ಕಾರ್ಯಕರ್ತರೆಲ್ಲರೂ ಹೋರಾಟ ಮಾಡಬೇಕಾಯಿತು ಎಂದು ಗಮನ ಸೆಳೆದರು.
ಆ ರೀತಿ ವರ್ತನೆ ನಡೆದಿದೆ ಎಂದು ಖಂಡಿಸಿದರು. ರವಿ ಅವರನ್ನು ಸುಮಾರು 450 ಕಿಮೀನಿಂದ 500 ಕಿಮೀ ಸುತ್ತಾಡಿಸಿದ್ದಾರೆ. ಎಲ್ಲಿಗೆ ಕರೆದೊಯ್ಯುತ್ತಿದ್ದೀರಿ ಎಂದು ಕೇಳಿದರೂ ಉತ್ತರ ಕೊಟ್ಟಿಲ್ಲ. ಪೊಲೀಸರು ಸರಕಾರದ ಒತ್ತಾಯ, ಒತ್ತಡ ಮೇಲೆ ಇದನ್ನು ನಡೆಸಿದ್ದಾರೆ. ಅವರನ್ನು ಬಿಡುಗಡೆ ಮಾಡಬೇಕು. ರಾಜ್ಯದ ಜನ ಎಲ್ಲಾ ಜಿಲ್ಲಾ ಕೇಂದ್ರಗಳಲ್ಲಿ ಇದನ್ನು ಖಂಡಿಸಿ ಪ್ರತಿಭಟನೆ ಮಾಡಬೇಕು ಎಂದು ಕರೆ ನೀಡಿದರು.
64 ಗಂಟೆಗಳ ಕಾಲ ನಡೆದ ಬೆಳಗಾವಿ ವಿಧಾನಸಭೆ ಅಧಿವೇಶನ
ಬೆಳಗಾವಿ: ಸುವರ್ಣ ವಿಧಾನಸೌಧದ ವಿಧಾನ ಸಭೆಯಲ್ಲಿ ಚಳಿಗಾಲದ ಅಧಿವೇಶನದ ಕಾರ್ಯಕಲಾಪಗಳು ಒಟ್ಟು 64 ಗಂಟೆಗಳ ಕಾಲ ಜರುಗಿವೆ. ಹದಿನಾರನೇ ವಿಧಾನಸಭೆಯ 5ನೇ ಅಧಿವೇಶನವು ಡಿಸೆಂಬರ್ 9ರಿಂದ 19ರವರೆಗೆ 8 ದಿನಗಳ ಕಾಲ ಸುಮಾರು 64 ಗಂಟೆಗಳ ಕಾಲ ಕಾರ್ಯಕಲಾಪ ನಡೆಸಲಾಯಿತು ಎಂದು ವಿಧಾನಸಭೆಯ ಸಭಾಧ್ಯಕ್ಷರಾದ ಯು.ಟಿ.ಖಾದರ್ ತಿಳಿಸಿದರು. ಈ ಅಧಿವೇಶನದಲ್ಲಿ ಧನವಿನಿಯೋಗ ವಿಧೇಯಕವೂ ಸೇರಿದಂತೆ ಒಟ್ಟು 16 ವಿಧೇಯಕಗಳನ್ನು ಮಂಡಿಸಿ, ಪರ್ಯಾಲೋಚಿಸಿ ಅಂಗೀಕರಿಸಲಾಗಿದೆ. 2024ನೇ ಸಾಲಿನ ಕರ್ನಾಟಕ ವಿಧಾನಮಂಡಲ (ಅನರ್ಹತಾ ನಿವಾರಣೆ) (ತಿದ್ದುಪಡಿ) ವಿಧೇಯಕ ಮತ್ತು 2024ನೇ ಸಾಲಿನ ಕರ್ನಾಟಕ ಗ್ರಾಮ ಸ್ವರಾಜ್ ಮತ್ತು ಪಂಚಾಯತ್ ರಾಜ್ (ತಿದ್ದುಪಡಿ) ವಿಧೇಯಕಗಳನ್ನು ಹಿಂಪಡೆಯಲಾಗಿದೆ ಎಂದು
ಅವರು ಕಾರ್ಯಕಲಾಪಗಳ ಮಾಹಿತಿಯನ್ನು ನೀಡಿದರು. ಭಾರತದ ಲೆಕ್ಕನಿಯಂತ್ರಕರು ಮತ್ತು ಮಹಾಲೆಕ್ಕಪರಿಶೋಧಕರು ನೀಡಿರುವ 8 ವರದಿಗಳು ಮತ್ತು ಕರ್ನಾಟಕ ವಿಧಾನಮಂಡಲ ವಿಧಾನಸಭೆಯ ವಿವಿಧ ಸ್ಥಾಯಿ ಸಮಿತಿಗಳ 7 ವರದಿಗಳನ್ನು ಸದನದಲ್ಲಿ ಮಂಡಿಸಲಾಗಿದೆ. ಉತ್ತರ ಕರ್ನಾಟಕ ಅಭಿವೃದ್ಧಿ ಕುರಿತು ನಡೆದ ಚರ್ಚೆಯಲ್ಲಿ 49 ಸದಸ್ಯರು ಭಾಗವಹಿಸಿದ್ದು ಸುಮಾರು 13 ಗಂಟೆ 11 ನಿಮಿಷಗಳ ಕಾಲ ಚರ್ಚೆ ನಡೆಸಲಾಗಿದೆ. ನಿಯಮ 60ರಡಿ ನೀಡಿದ್ದ 2 ನಿಲುವಳಿ ಸೂಚನೆಗಳನ್ನು ನಿಯಮ 69ಕ್ಕೆ ಪರಿವರ್ತಿಸಿರುವುದು ಸೇರಿದಂತೆ ಒಟ್ಟು ನಾಲ್ಕು ಸೂಚನೆಗಳನ್ನು ನಿಯಮ 69ರಡಿ ಚರ್ಚಿಸಲಾಗಿದೆ. ಒಟ್ಟು 3004 ಪ್ರಶ್ನೆಗಳನ್ನು ಸ್ವೀಕರಿಸಲಾಗಿದ್ದು, ಸದನದಲ್ಲಿ ಉತ್ತರಿಸಬೇಕಾಗಿದ್ದ 150 ಪ್ರಶ್ನೆಗಳ
ಪೈಕಿ 137 ಪ್ರಶ್ನೆಗಳಿಗೆ ಹಾಗೂ ಲಿಖಿತ ಮೂಲಕ ಉತ್ತರಿಸುವ 2,237 ಪ್ರಶ್ನೆಗಳ ಪೈಕಿ 1,794 ಪ್ರಶ್ನೆಗಳಿಗೆ ಉತ್ತರಗಳನ್ನು ಸ್ವೀಕರಿಸಲಾಗಿದೆಗಮನ ಸೆಳೆಯುವ 444 ಸೂಚನೆಗಳ ಪೈಕಿ 294 ಸೂಚನೆಗಳಿಗೆ ಉತ್ತರವನ್ನು ಸ್ವೀಕರಿಸಲಾಗಿದೆ. ನಿಯಮ 351ರಡಿ 160 ಸೂಚನೆಗಳನ್ನು ಅಂಗೀಕರಿಸಿದ್ದು, 80 ಸೂಚನೆಗಳ ಉತ್ತರಗಳನ್ನು ಸ್ವೀಕರಿಸಲಾಗಿದೆ. ಶೂನ್ಯ ವೇಳೆಯಲ್ಲಿ ಒಟ್ಟು 05 ಸೂಚನೆಗಳನ್ನು ಚರ್ಚಿಸಲಾಗಿದೆ ಎಂದು ಅವರು ವಿವರಿಸಿದರು. ಇತ್ತೀಚೆಗೆ ನಿಧನ ಹೊಂದಿದ ಗಣ್ಯರಿಗೆ ಸಂತಾಪ ಸೂಚನಾ ನಿರ್ಣಯ ಮಂಡಿಸಿ ಅಂಗೀಕರಿಸಲಾಗಿದೆ. ರಾಷ್ಟ್ರಪತಿಗಳು, ರಾಜ್ಯಪಾಲರಿಂದ ಒಪ್ಪಿಗೆ ಪಡೆದ ವಿಧೇಯಕಗಳ ಬಗ್ಗೆ ಕಾರ್ಯದರ್ಶಿಯವರ ವರದಿಯನ್ನು ಮಂಡಿಸಲಾಗಿದೆ. ಅಧಿಕಾರಿಗಳ ಮೇಲಿನ ಹಕ್ಕುಚ್ಯುತಿ ಕುರಿತು ಸಮಿತಿ ವರದಿಯ
ಮೇಲೆ ಚರ್ಚಿಸಲಾಗಿದ್ದು, ಕಂದಾಯ ಸಚಿವರು ಹಾಗೂ ಮುಖ್ಯಮಂತ್ರಿಯವರು ಸ್ಪಷ್ಟೀಕರಣ ನೀಡಿದ್ದಾರೆ. 2024-25ನೇ ಸಾಲಿನ ಪೂರಕ ಅಂದಾಜುಗಳ ಎರಡನೇ ಕಂತು ಹಾಗೂ ರಾಜ್ಯ ಹಣಕಾಸಿನ ಮಧ್ಯವಾರ್ಷಿಕ ಪರಿಶೀಲನಾ ವರದಿಯನ್ನು ಮಂಡಿಸಿ ಡಿ.17ರಂದು ಮತಕ್ಕೆ ಹಾಕಿ ಅಂಗೀಕರಿಸಲಾಯಿತು ಎಂದು ವಿವರಿಸಿದರು. ರಾಜೀವ್ ಗಾಂಧಿ ಆರೋಗ್ಯ ವಿಜ್ಞಾನಗಳ ವಿಶ್ವವಿದ್ಯಾಲಯ ಸೆನೆಟ್‌ಗೆ ಮೂರು ಸದಸ್ಯರನ್ನು ನಾಮನಿರ್ದೇಶನ ಮಾಡಲು ಸದನವು ಸಭಾಧ್ಯಕ್ಷರಿಗೆ ಡಿ.18ರಂದು ಅಧಿಕಾರ ನೀಡಿದೆ. ಸದನದಲ್ಲಿ ಟಿ.ಬಿ.ಜಯಚಂದ್ರ ಅವರಿಗೆ ಅತ್ಯುತ್ತಮ ಶಾಸಕ ಪ್ರಶಸ್ತಿ ಪ್ರದಾನ ಮಾಡಲಾಗಿದೆ. ಅಂತಾರಾಷ್ಟ್ರೀಯ ಮಟ್ಟದಲ್ಲಿ ಹೆಸರು ಮಾಡಿದ ಭಾರತದ ಗುಕೇಶ್ ದೊಮ್ಮರಾಜು ಅವರನ್ನು ಅಭಿನಂದಿಸಿ ಸಲ್ಲಿಸಲಾಗಿದೆ ಎಂದು ಹೇಳಿದರು.
